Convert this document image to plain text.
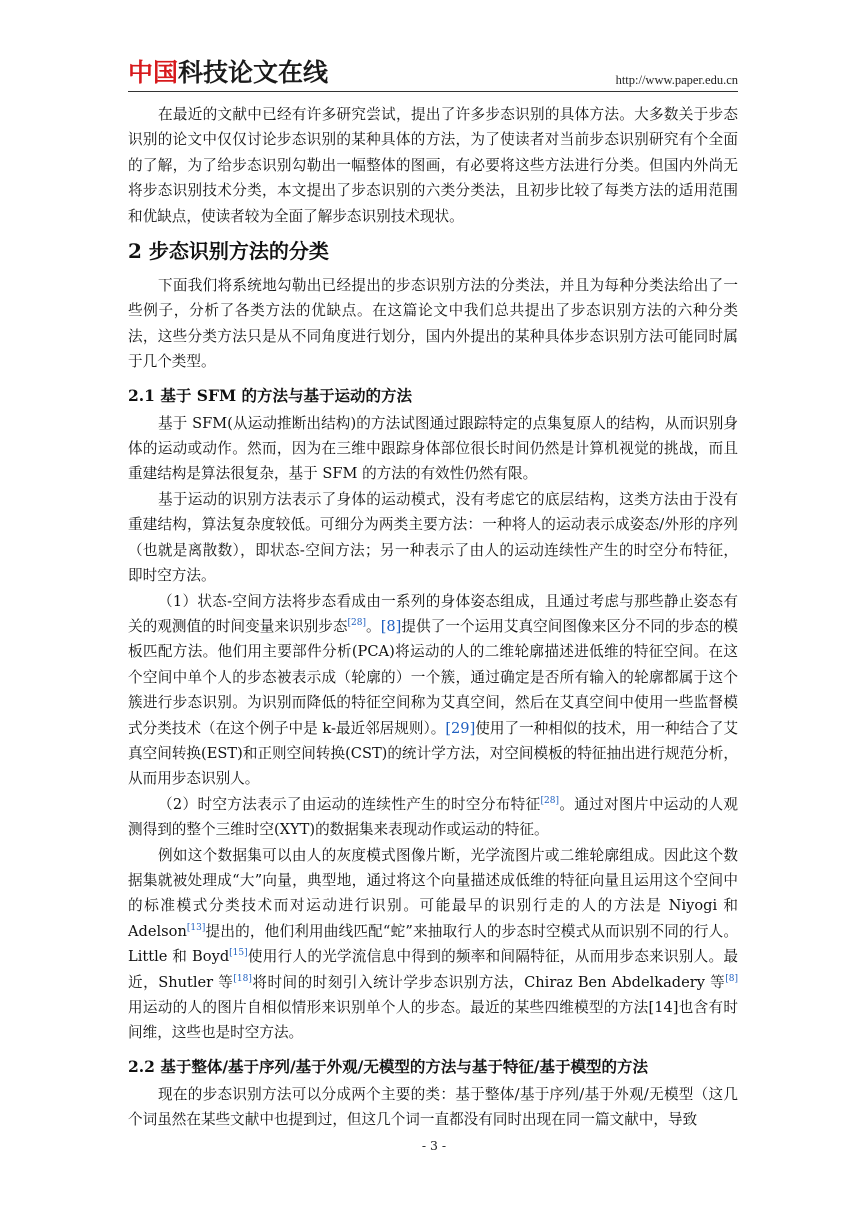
中国科技论文在线	http://www.paper.edu.cn

在最近的文献中已经有许多研究尝试，提出了许多步态识别的具体方法。大多数关于步态识别的论文中仅仅讨论步态识别的某种具体的方法，为了使读者对当前步态识别研究有个全面的了解，为了给步态识别勾勒出一幅整体的图画，有必要将这些方法进行分类。但国内外尚无将步态识别技术分类，本文提出了步态识别的六类分类法，且初步比较了每类方法的适用范围和优缺点，使读者较为全面了解步态识别技术现状。

2 步态识别方法的分类

下面我们将系统地勾勒出已经提出的步态识别方法的分类法，并且为每种分类法给出了一些例子，分析了各类方法的优缺点。在这篇论文中我们总共提出了步态识别方法的六种分类法，这些分类方法只是从不同角度进行划分，国内外提出的某种具体步态识别方法可能同时属于几个类型。

2.1 基于 SFM 的方法与基于运动的方法

基于 SFM(从运动推断出结构)的方法试图通过跟踪特定的点集复原人的结构，从而识别身体的运动或动作。然而，因为在三维中跟踪身体部位很长时间仍然是计算机视觉的挑战，而且重建结构是算法很复杂，基于 SFM 的方法的有效性仍然有限。

基于运动的识别方法表示了身体的运动模式，没有考虑它的底层结构，这类方法由于没有重建结构，算法复杂度较低。可细分为两类主要方法：一种将人的运动表示成姿态/外形的序列（也就是离散数），即状态-空间方法；另一种表示了由人的运动连续性产生的时空分布特征，即时空方法。

（1）状态-空间方法将步态看成由一系列的身体姿态组成，且通过考虑与那些静止姿态有关的观测值的时间变量来识别步态[28]。[8]提供了一个运用艾真空间图像来区分不同的步态的模板匹配方法。他们用主要部件分析(PCA)将运动的人的二维轮廓描述进低维的特征空间。在这个空间中单个人的步态被表示成（轮廓的）一个簇，通过确定是否所有输入的轮廓都属于这个簇进行步态识别。为识别而降低的特征空间称为艾真空间，然后在艾真空间中使用一些监督模式分类技术（在这个例子中是 k-最近邻居规则）。[29]使用了一种相似的技术，用一种结合了艾真空间转换(EST)和正则空间转换(CST)的统计学方法，对空间模板的特征抽出进行规范分析，从而用步态识别人。

（2）时空方法表示了由运动的连续性产生的时空分布特征[28]。通过对图片中运动的人观测得到的整个三维时空(XYT)的数据集来表现动作或运动的特征。

例如这个数据集可以由人的灰度模式图像片断，光学流图片或二维轮廓组成。因此这个数据集就被处理成“大”向量，典型地，通过将这个向量描述成低维的特征向量且运用这个空间中的标准模式分类技术而对运动进行识别。可能最早的识别行走的人的方法是 Niyogi 和 Adelson[13]提出的，他们利用曲线匹配“蛇”来抽取行人的步态时空模式从而识别不同的行人。Little 和 Boyd[15]使用行人的光学流信息中得到的频率和间隔特征，从而用步态来识别人。最近，Shutler 等[18]将时间的时刻引入统计学步态识别方法，Chiraz Ben Abdelkadery 等[8]用运动的人的图片自相似情形来识别单个人的步态。最近的某些四维模型的方法[14]也含有时间维，这些也是时空方法。

2.2 基于整体/基于序列/基于外观/无模型的方法与基于特征/基于模型的方法

现在的步态识别方法可以分成两个主要的类：基于整体/基于序列/基于外观/无模型（这几个词虽然在某些文献中也提到过，但这几个词一直都没有同时出现在同一篇文献中，导致

- 3 -
